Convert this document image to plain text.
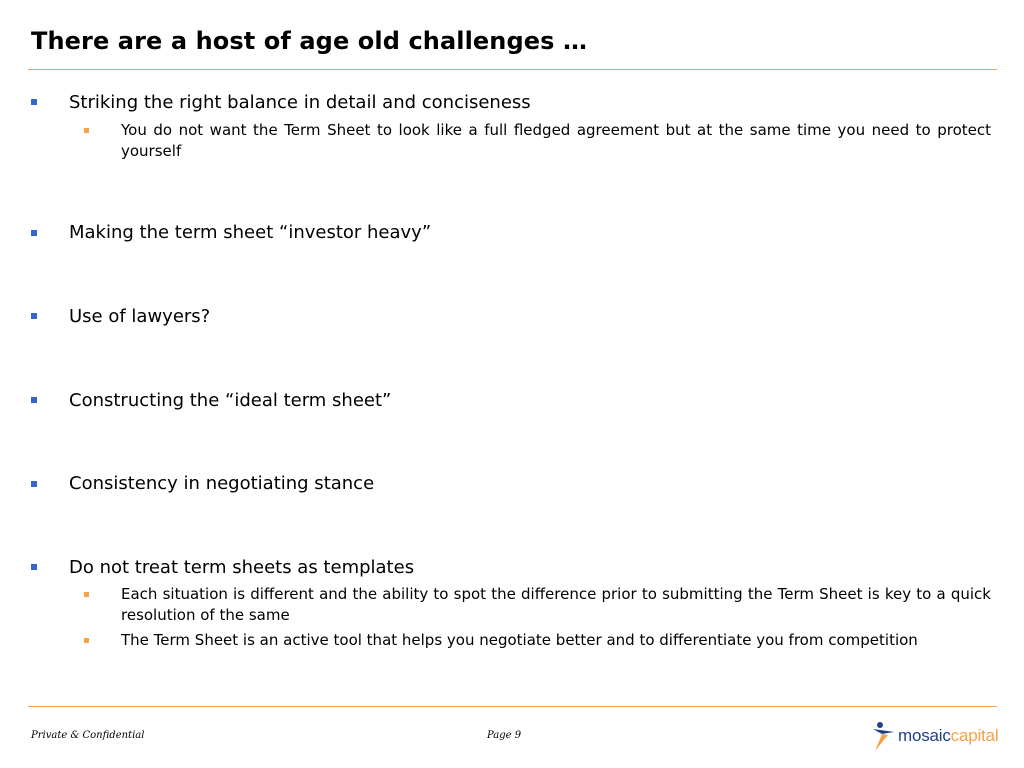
There are a host of age old challenges …
Striking the right balance in detail and conciseness
You do not want the Term Sheet to look like a full fledged agreement but at the same time you need to protect yourself
Making the term sheet “investor heavy”
Use of lawyers?
Constructing the “ideal term sheet”
Consistency in negotiating stance
Do not treat term sheets as templates
Each situation is different and the ability to spot the difference prior to submitting the Term Sheet is key to a quick resolution of the same
The Term Sheet is an active tool that helps you negotiate better and to differentiate you from competition
Private & Confidential	Page 9	mosaiccapital
